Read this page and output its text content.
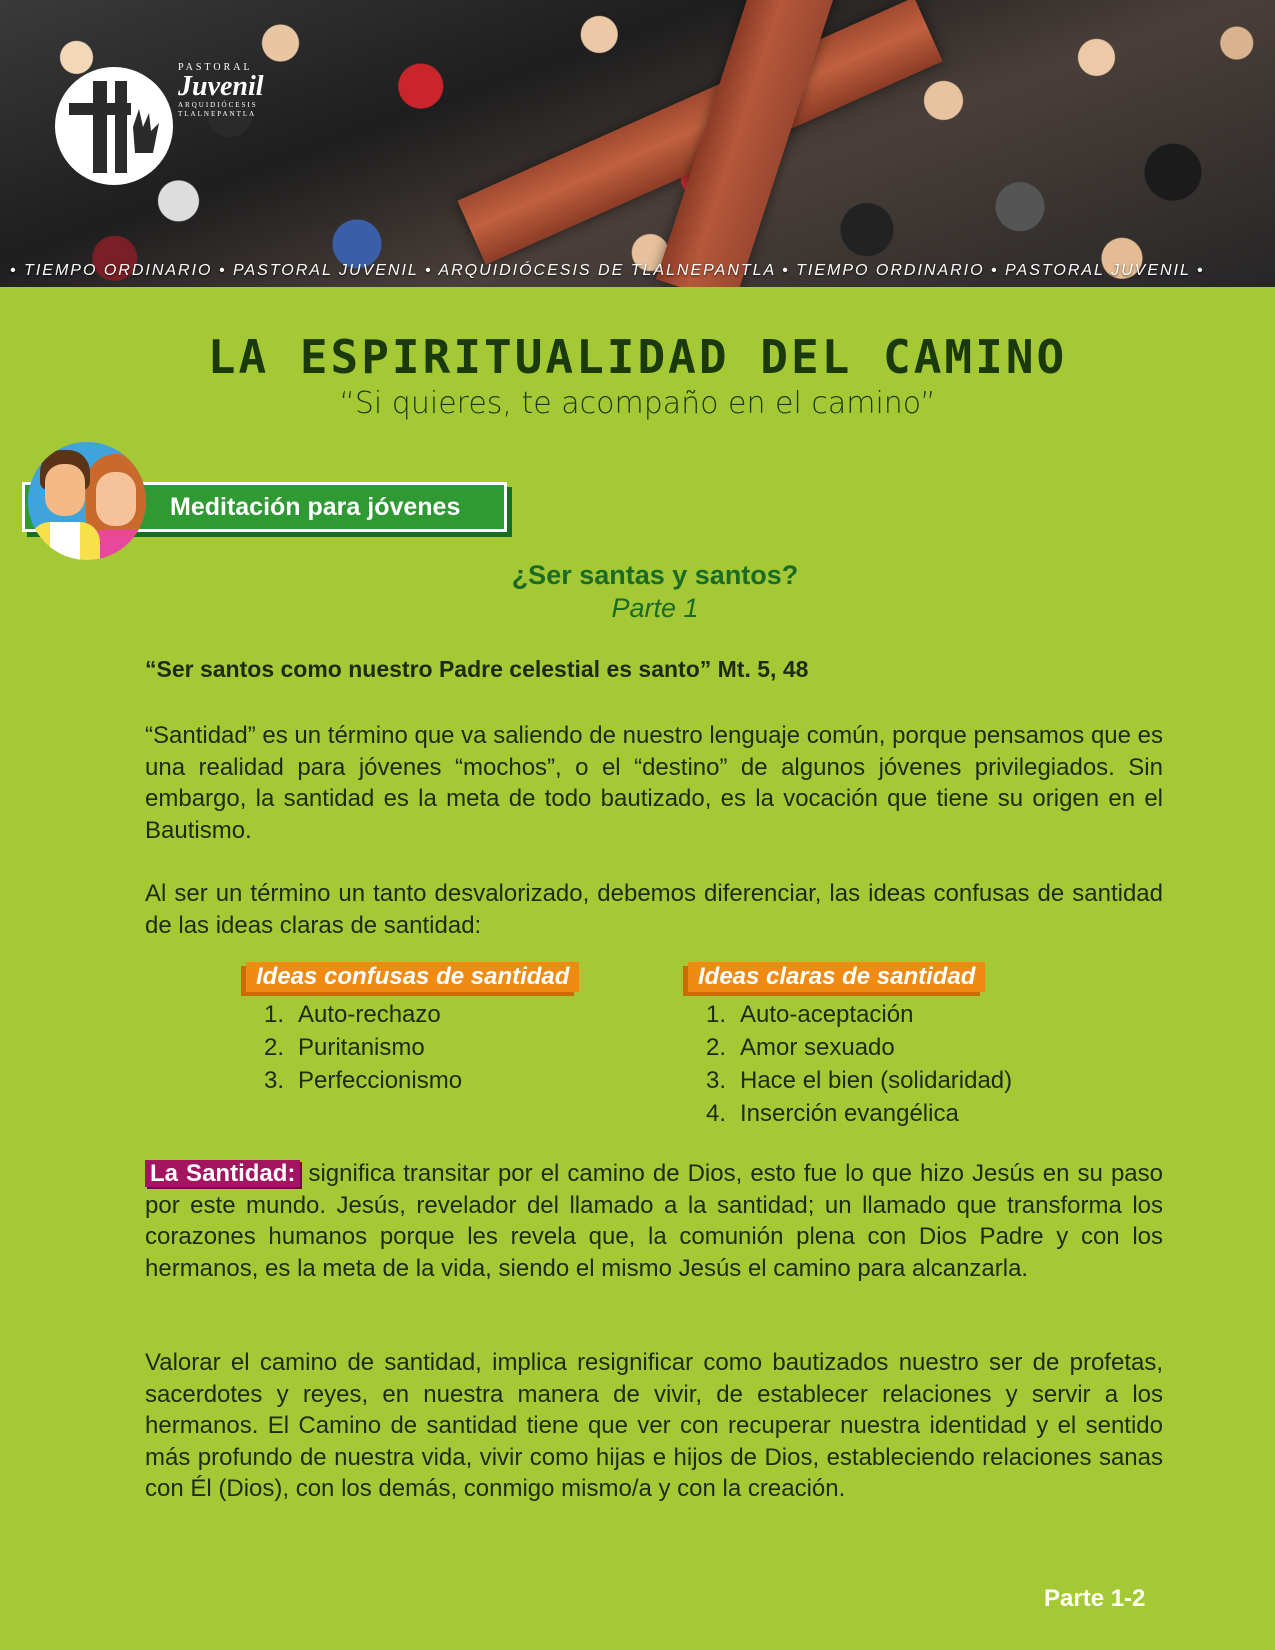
PASTORAL
Juvenil
ARQUIDIÓCESIS
TLALNEPANTLA
• TIEMPO ORDINARIO • PASTORAL JUVENIL • ARQUIDIÓCESIS DE TLALNEPANTLA • TIEMPO ORDINARIO • PASTORAL JUVENIL •
LA ESPIRITUALIDAD DEL CAMINO
“Si quieres, te acompaño en el camino”
Meditación para jóvenes
¿Ser santas y santos?
Parte 1
“Ser santos como nuestro Padre celestial es santo” Mt. 5, 48

“Santidad” es un término que va saliendo de nuestro lenguaje común, porque pensamos que es una realidad para jóvenes “mochos”, o el “destino” de algunos jóvenes privilegiados. Sin embargo, la santidad es la meta de todo bautizado, es la vocación que tiene su origen en el Bautismo.

Al ser un término un tanto desvalorizado, debemos diferenciar, las ideas confusas de santidad de las ideas claras de santidad:

Ideas confusas de santidad
1. Auto-rechazo
2. Puritanismo
3. Perfeccionismo
Ideas claras de santidad
1. Auto-aceptación
2. Amor sexuado
3. Hace el bien (solidaridad)
4. Inserción evangélica

La Santidad: significa transitar por el camino de Dios, esto fue lo que hizo Jesús en su paso por este mundo. Jesús, revelador del llamado a la santidad; un llamado que transforma los corazones humanos porque les revela que, la comunión plena con Dios Padre y con los hermanos, es la meta de la vida, siendo el mismo Jesús el camino para alcanzarla.

Valorar el camino de santidad, implica resignificar como bautizados nuestro ser de profetas, sacerdotes y reyes, en nuestra manera de vivir, de establecer relaciones y servir a los hermanos. El Camino de santidad tiene que ver con recuperar nuestra identidad y el sentido más profundo de nuestra vida, vivir como hijas e hijos de Dios, estableciendo relaciones sanas con Él (Dios), con los demás, conmigo mismo/a y con la creación.

Parte 1-2
